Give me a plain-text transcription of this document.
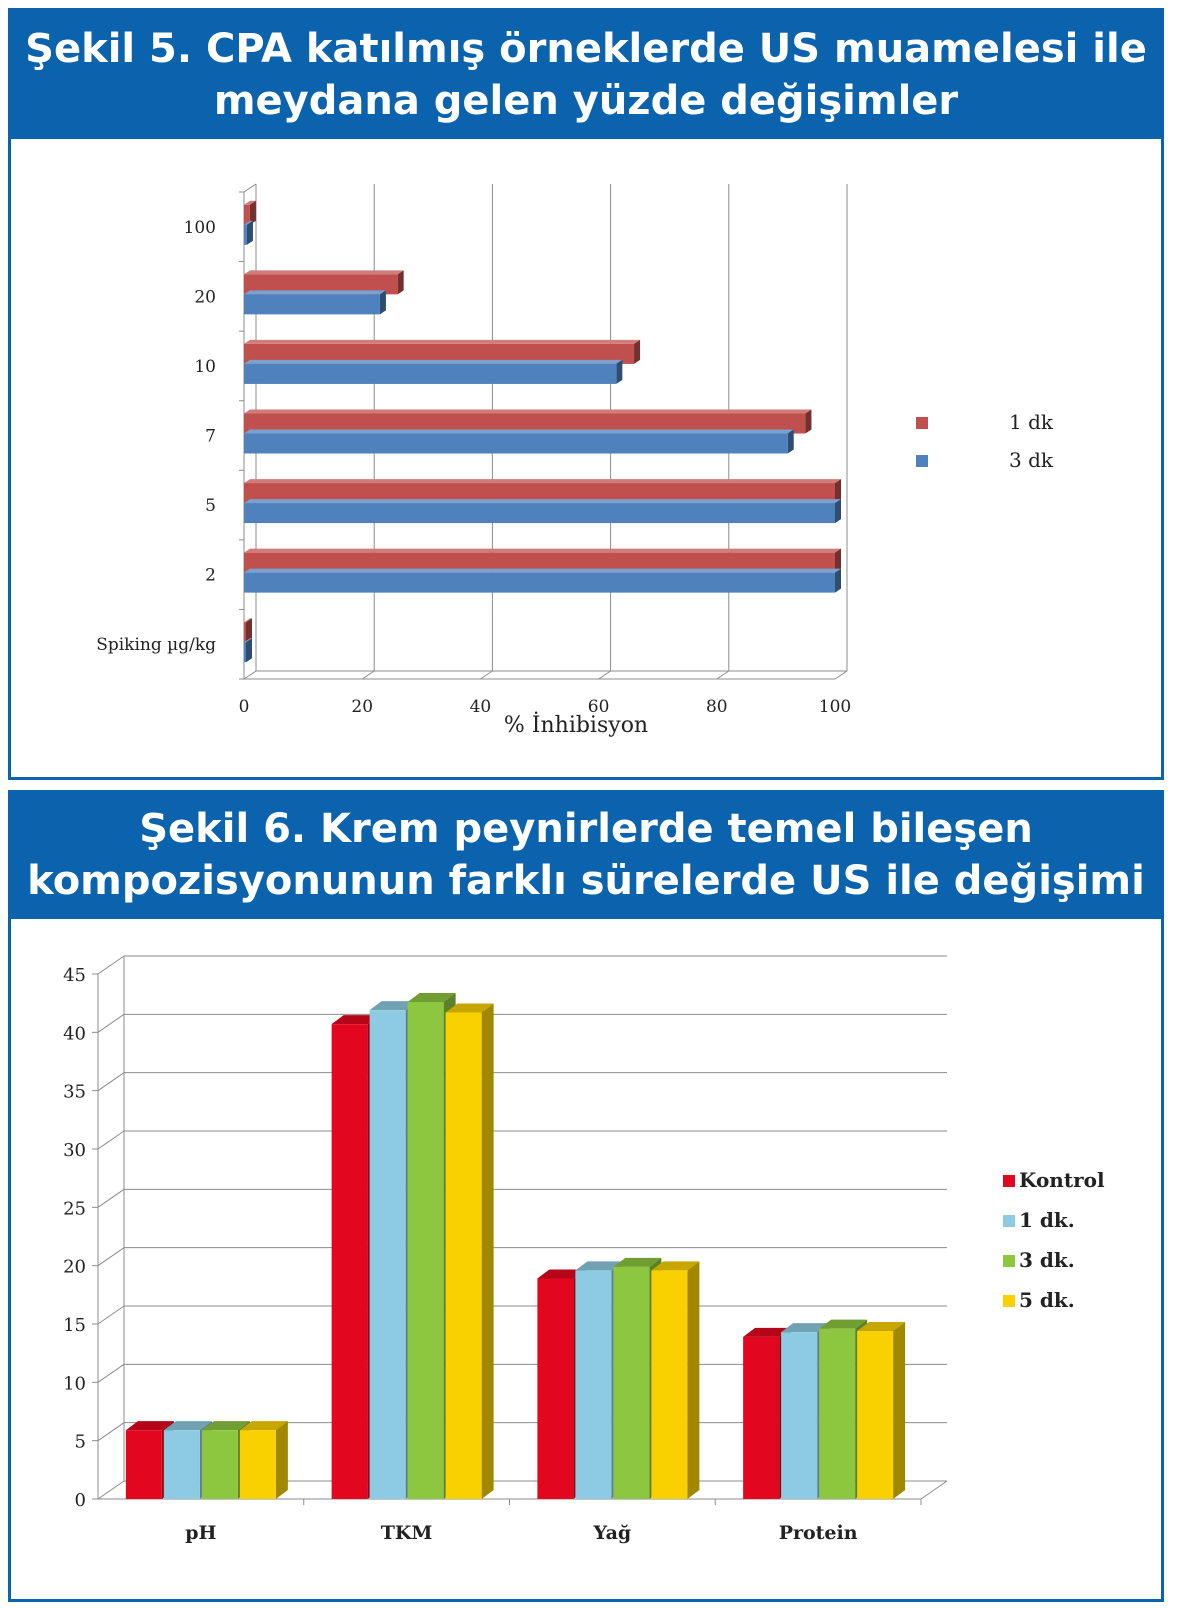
Şekil 5. CPA katılmış örneklerde US muamelesi ile
meydana gelen yüzde değişimler
Spiking µg/kg
2
5
7
10
20
100
0	20	40	60	80	100
% İnhibisyon
1 dk
3 dk
Şekil 6. Krem peynirlerde temel bileşen
kompozisyonunun farklı sürelerde US ile değişimi
0
5
10
15
20
25
30
35
40
45
pH	TKM	Yağ	Protein
Kontrol
1 dk.
3 dk.
5 dk.
